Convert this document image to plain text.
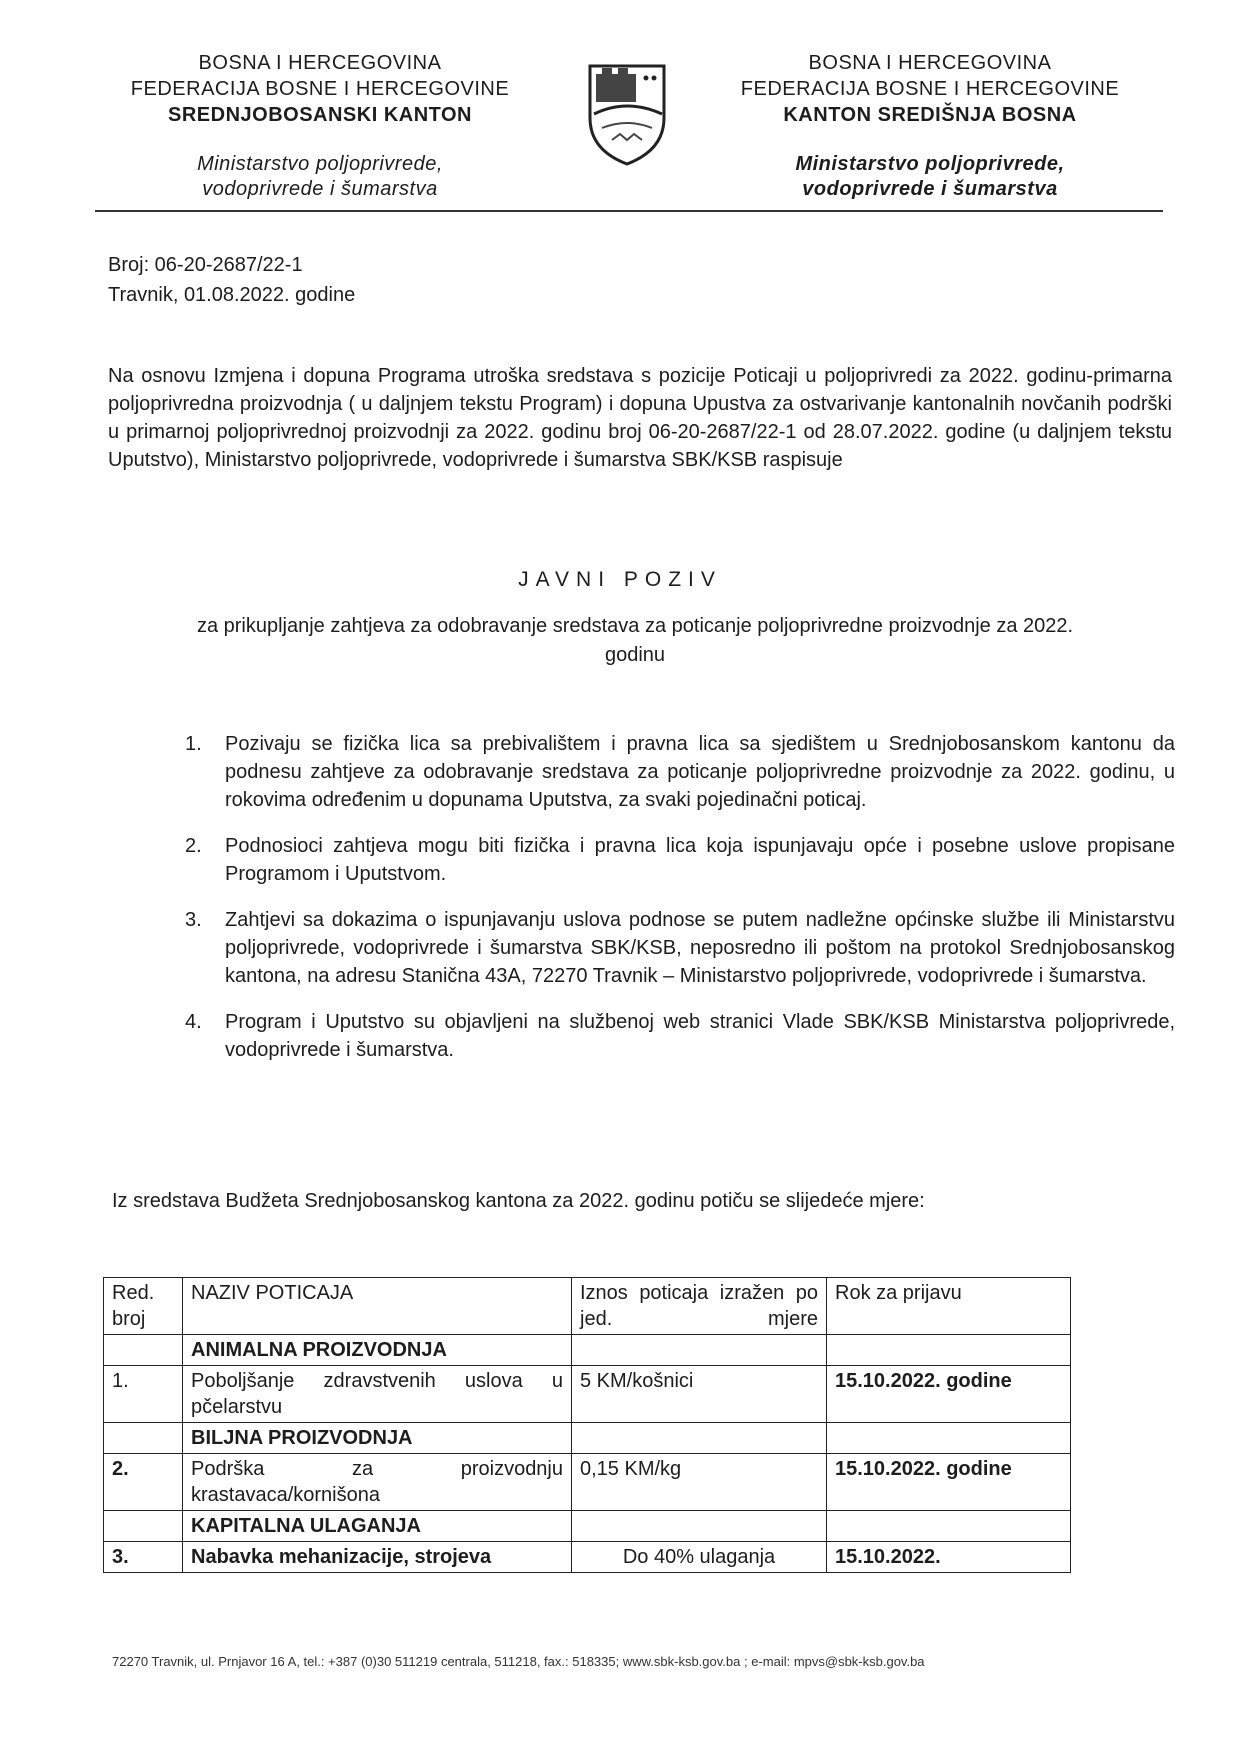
BOSNA I HERCEGOVINA
FEDERACIJA BOSNE I HERCEGOVINE
SREDNJOBOSANSKI KANTON
Ministarstvo poljoprivrede,
vodoprivrede i šumarstva
BOSNA I HERCEGOVINA
FEDERACIJA BOSNE I HERCEGOVINE
KANTON SREDIŠNJA BOSNA
Ministarstvo poljoprivrede,
vodoprivrede i šumarstva
Broj: 06-20-2687/22-1
Travnik, 01.08.2022. godine
Na osnovu Izmjena i dopuna Programa utroška sredstava s pozicije Poticaji u poljoprivredi za 2022. godinu-primarna poljoprivredna proizvodnja ( u daljnjem tekstu Program) i dopuna Upustva za ostvarivanje kantonalnih novčanih podrški u primarnoj poljoprivrednoj proizvodnji za 2022. godinu broj 06-20-2687/22-1 od 28.07.2022. godine (u daljnjem tekstu Uputstvo), Ministarstvo poljoprivrede, vodoprivrede i šumarstva SBK/KSB raspisuje
JAVNI POZIV
za prikupljanje zahtjeva za odobravanje sredstava za poticanje poljoprivredne proizvodnje za 2022. godinu
1.	Pozivaju se fizička lica sa prebivalištem i pravna lica sa sjedištem u Srednjobosanskom kantonu da podnesu zahtjeve za odobravanje sredstava za poticanje poljoprivredne proizvodnje za 2022. godinu, u rokovima određenim u dopunama Uputstva, za svaki pojedinačni poticaj.
2.	Podnosioci zahtjeva mogu biti fizička i pravna lica koja ispunjavaju opće i posebne uslove propisane Programom i Uputstvom.
3.	Zahtjevi sa dokazima o ispunjavanju uslova podnose se putem nadležne općinske službe ili Ministarstvu poljoprivrede, vodoprivrede i šumarstva SBK/KSB, neposredno ili poštom na protokol Srednjobosanskog kantona, na adresu Stanična 43A, 72270 Travnik – Ministarstvo poljoprivrede, vodoprivrede i šumarstva.
4.	Program i Uputstvo su objavljeni na službenoj web stranici Vlade SBK/KSB Ministarstva poljoprivrede, vodoprivrede i šumarstva.
Iz sredstava Budžeta Srednjobosanskog kantona za 2022. godinu potiču se slijedeće mjere:
Red. broj	NAZIV POTICAJA	Iznos poticaja izražen po jed. mjere	Rok za prijavu
	ANIMALNA PROIZVODNJA		
1.	Poboljšanje zdravstvenih uslova u pčelarstvu	5 KM/košnici	15.10.2022. godine
	BILJNA PROIZVODNJA		
2.	Podrška za proizvodnju krastavaca/kornišona	0,15 KM/kg	15.10.2022. godine
	KAPITALNA ULAGANJA		
3.	Nabavka mehanizacije, strojeva	Do 40% ulaganja	15.10.2022.
72270 Travnik, ul. Prnjavor 16 A, tel.: +387 (0)30 511219 centrala, 511218, fax.: 518335; www.sbk-ksb.gov.ba ; e-mail: mpvs@sbk-ksb.gov.ba
